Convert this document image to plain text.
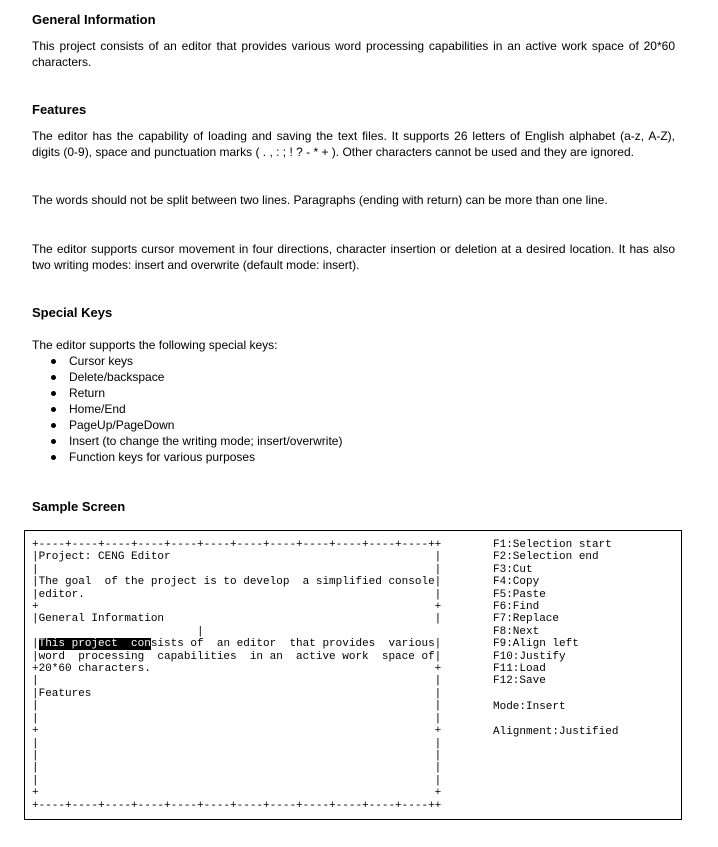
General Information

This project consists of an editor that provides various word processing capabilities in an active work space of 20*60 characters.

Features

The editor has the capability of loading and saving the text files. It supports 26 letters of English alphabet (a-z, A-Z), digits (0-9), space and punctuation marks ( . , : ; ! ? - * + ). Other characters cannot be used and they are ignored.

The words should not be split between two lines. Paragraphs (ending with return) can be more than one line.

The editor supports cursor movement in four directions, character insertion or deletion at a desired location. It has also two writing modes: insert and overwrite (default mode: insert).

Special Keys

The editor supports the following special keys:

Cursor keys
Delete/backspace
Return
Home/End
PageUp/PageDown
Insert (to change the writing mode; insert/overwrite)
Function keys for various purposes
Sample Screen
+----+----+----+----+----+----+----+----+----+----+----+----++
|Project: CENG Editor                                        |
|                                                            |
|The goal  of the project is to develop  a simplified console|
|editor.                                                     |
+                                                            +
|General Information                                         |
|
|This project  consists of  an editor  that provides  various|
|word  processing  capabilities  in an  active work  space of|
+20*60 characters.                                           +
|                                                            |
|Features                                                    |
|                                                            |
|                                                            |
+                                                            +
|                                                            |
|                                                            |
|                                                            |
|                                                            |
+                                                            +
+----+----+----+----+----+----+----+----+----+----+----+----++
F1:Selection start
F2:Selection end
F3:Cut
F4:Copy
F5:Paste
F6:Find
F7:Replace
F8:Next
F9:Align left
F10:Justify
F11:Load
F12:Save
Mode:Insert
Alignment:Justified
